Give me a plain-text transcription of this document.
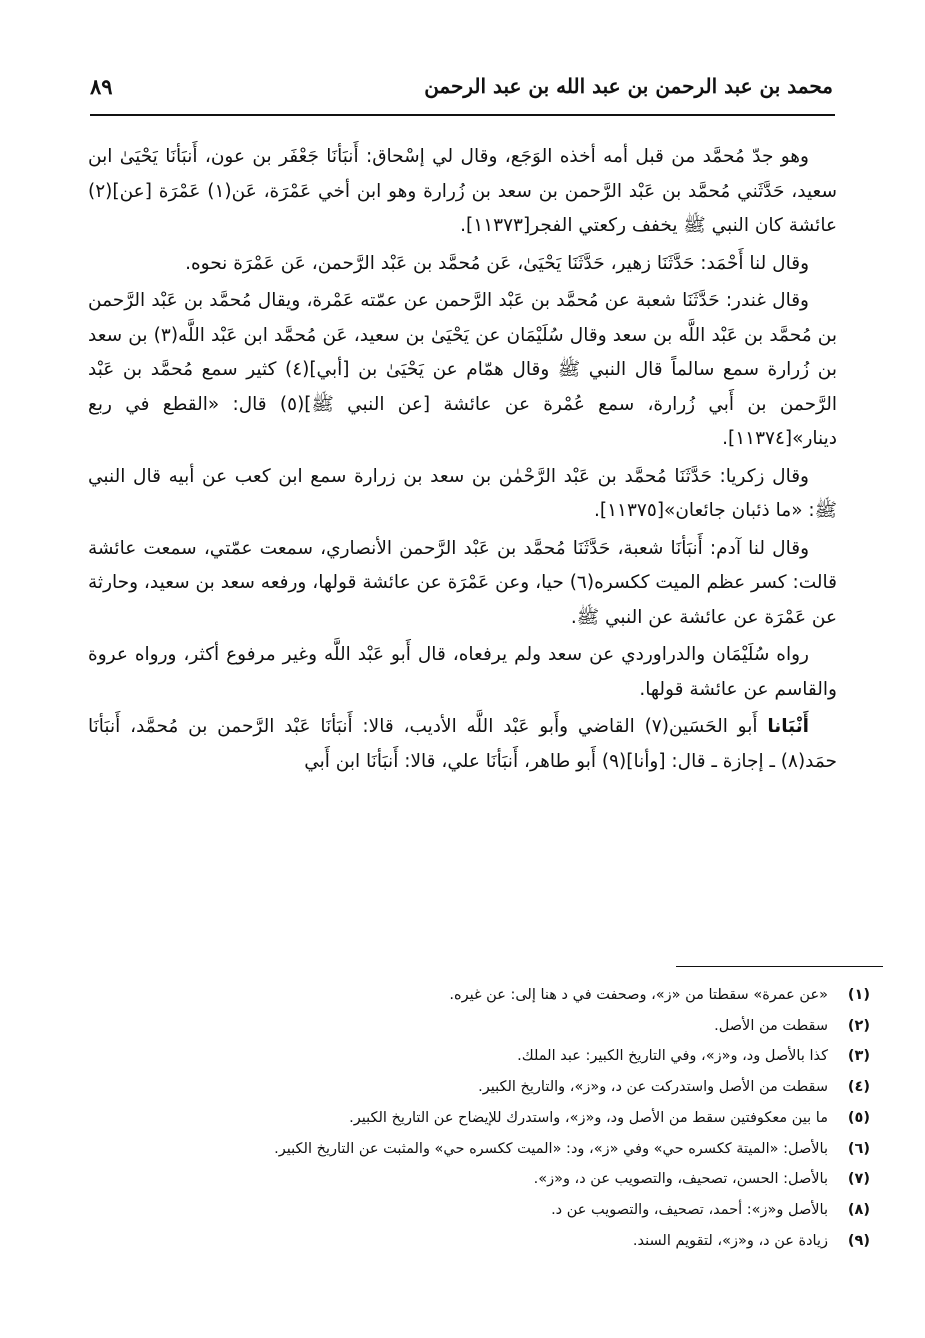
محمد بن عبد الرحمن بن عبد الله بن عبد الرحمن
٨٩

وهو جدّ مُحمَّد من قبل أمه أخذه الوَجَع، وقال لي إسْحاق: أَنبَأنَا جَعْفَر بن عون، أَنبَأنَا يَحْيَىٰ ابن سعيد، حَدَّثَني مُحمَّد بن عَبْد الرَّحمن بن سعد بن زُرارة وهو ابن أخي عَمْرَة، عَن(١) عَمْرَة [عن](٢) عائشة كان النبي ﷺ يخفف ركعتي الفجر[١١٣٧٣].

وقال لنا أَحْمَد: حَدَّثَنَا زهير، حَدَّثَنَا يَحْيَىٰ، عَن مُحمَّد بن عَبْد الرَّحمن، عَن عَمْرَة نحوه.

وقال غندر: حَدَّثَنَا شعبة عن مُحمَّد بن عَبْد الرَّحمن عن عمّته عَمْرة، ويقال مُحمَّد بن عَبْد الرَّحمن بن مُحمَّد بن عَبْد اللَّه بن سعد وقال سُلَيْمَان عن يَحْيَىٰ بن سعيد، عَن مُحمَّد ابن عَبْد اللَّه(٣) بن سعد بن زُرارة سمع سالماً قال النبي ﷺ وقال همّام عن يَحْيَىٰ بن [أبي](٤) كثير سمع مُحمَّد بن عَبْد الرَّحمن بن أَبي زُرارة، سمع عُمْرة عن عائشة [عن النبي ﷺ](٥) قال: «القطع في ربع دينار»[١١٣٧٤].

وقال زكريا: حَدَّثَنَا مُحمَّد بن عَبْد الرَّحْمٰن بن سعد بن زرارة سمع ابن كعب عن أبيه قال النبي ﷺ: «ما ذئبان جائعان»[١١٣٧٥].

وقال لنا آدم: أَنبَأنَا شعبة، حَدَّثَنَا مُحمَّد بن عَبْد الرَّحمن الأنصاري، سمعت عمّتي، سمعت عائشة قالت: كسر عظم الميت ككسره(٦) حيا، وعن عَمْرَة عن عائشة قولها، ورفعه سعد بن سعيد، وحارثة عن عَمْرَة عن عائشة عن النبي ﷺ.

رواه سُلَيْمَان والدراوردي عن سعد ولم يرفعاه، قال أَبو عَبْد اللَّه وغير مرفوع أكثر، ورواه عروة والقاسم عن عائشة قولها.

أَنْبَانا أَبو الحَسَين(٧) القاضي وأَبو عَبْد اللَّه الأديب، قالا: أَنبَأنَا عَبْد الرَّحمن بن مُحمَّد، أَنبَأنَا حمَد(٨) ـ إجازة ـ قال: [وأنا](٩) أَبو طاهر، أَنبَأنَا علي، قالا: أَنبَأنَا ابن أَبي

(١)
«عن عمرة» سقطتا من «ز»، وصحفت في د هنا إلى: عن غيره.
(٢)
سقطت من الأصل.
(٣)
كذا بالأصل ود، و«ز»، وفي التاريخ الكبير: عبد الملك.
(٤)
سقطت من الأصل واستدركت عن د، و«ز»، والتاريخ الكبير.
(٥)
ما بين معكوفتين سقط من الأصل ود، و«ز»، واستدرك للإيضاح عن التاريخ الكبير.
(٦)
بالأصل: «الميتة ككسره حي» وفي «ز»، ود: «الميت ككسره حي» والمثبت عن التاريخ الكبير.
(٧)
بالأصل: الحسن، تصحيف، والتصويب عن د، و«ز».
(٨)
بالأصل و«ز»: أحمد، تصحيف، والتصويب عن د.
(٩)
زيادة عن د، و«ز»، لتقويم السند.
